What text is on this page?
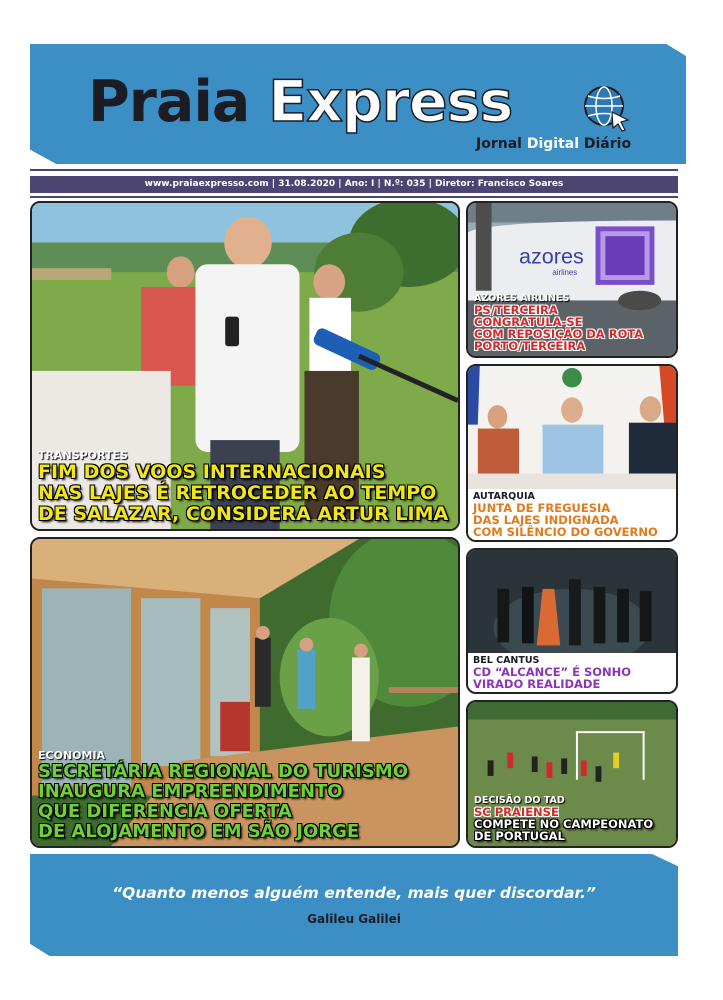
Praia Express
Jornal Digital Diário
www.praiaexpresso.com | 31.08.2020 | Ano: I | N.º: 035 | Diretor: Francisco Soares
TRANSPORTES
FIM DOS VOOS INTERNACIONAIS
NAS LAJES É RETROCEDER AO TEMPO
DE SALAZAR, CONSIDERA ARTUR LIMA
ECONOMIA
SECRETÁRIA REGIONAL DO TURISMO
INAUGURA EMPREENDIMENTO
QUE DIFERENCIA OFERTA
DE ALOJAMENTO EM SÃO JORGE
azores
airlines
AZORES AIRLINES
PS/TERCEIRA
CONGRATULA-SE
COM REPOSIÇÃO DA ROTA
PORTO/TERCEIRA
AUTARQUIA
JUNTA DE FREGUESIA
DAS LAJES INDIGNADA
COM SILÊNCIO DO GOVERNO
BEL CANTUS
CD “ALCANCE” É SONHO
VIRADO REALIDADE
DECISÃO DO TAD
SC PRAIENSE
COMPETE NO CAMPEONATO
DE PORTUGAL
“Quanto menos alguém entende, mais quer discordar.”
Galileu Galilei
